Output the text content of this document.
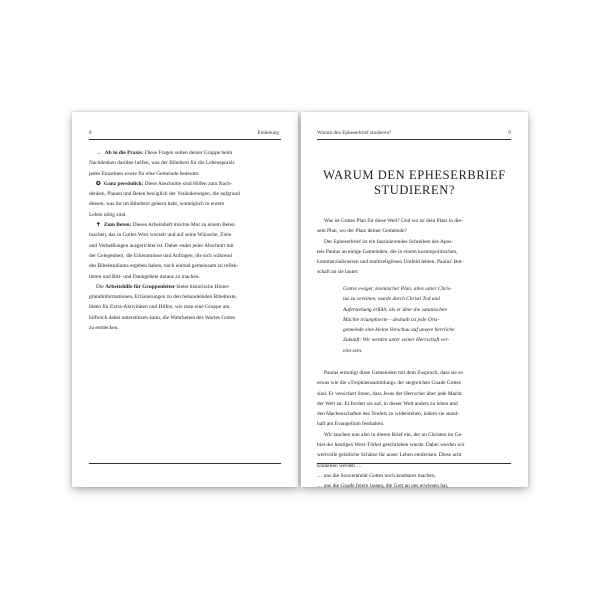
8	Einleitung
→ Ab in die Praxis: Diese Fragen sollen deiner Gruppe beim
Nachdenken darüber helfen, was der Bibeltext für die Lebenspraxis
jedes Einzelnen sowie für eine Gemeinde bedeutet.
✪ Ganz persönlich: Diese Abschnitte sind Hilfen zum Nach-
denken, Planen und Beten bezüglich der Veränderungen, die aufgrund
dessen, was ihr im Bibeltext gelernt habt, womöglich in eurem
Leben nötig sind.
✝ Zum Beten: Dieses Arbeitsheft möchte Mut zu einem Beten
machen, das in Gottes Wort wurzelt und auf seine Wünsche, Ziele
und Verheißungen ausgerichtet ist. Daher endet jeder Abschnitt mit
der Gelegenheit, die Erkenntnisse und Anfragen, die sich während
des Bibelstudiums ergeben haben, noch einmal gemeinsam zu reflek-
tieren und Bitt- und Dankgebete daraus zu machen.
Die Arbeitshilfe für Gruppenleiter bietet historische Hinter-
grundinformationen, Erläuterungen zu den behandelnden Bibeltexte,
Ideen für Extra-Aktivitäten und Hilfen, wie man eine Gruppe um
hilfreich dabei unterstützen kann, die Wahrheiten des Wortes Gottes
zu entdecken.
Warum den Epheserbrief studieren?	9
WARUM DEN EPHESERBRIEF
STUDIEREN?
Was ist Gottes Plan für diese Welt? Und wo ist dein Platz in die-
sem Plan, wo der Platz deiner Gemeinde?
Der Epheserbrief ist ein faszinierendes Schreiben des Apos-
tels Paulus an einige Gemeinden, die in einem kosmopolitischen,
kommerzialisierten und multireligiösen Umfeld lebten. Paulus' Bot-
schaft an sie lautet:
Gottes ewiger, kosmischer Plan, alles unter Chris-
tus zu vereinen, wurde durch Christi Tod und
Auferstehung erfüllt, als er über die satanischen
Mächte triumphierte – deshalb ist jede Orts-
gemeinde eine kleine Vorschau auf unsere herrliche
Zukunft: Wir werden unter seiner Herrschaft ver-
eint sein.
Paulus ermutigt diese Gemeinden mit dem Zuspruch, dass sie so
etwas wie die »Trophäensammlung« der siegreichen Gnade Gottes
sind. Er versichert ihnen, dass Jesus der Herrscher über jede Macht
der Welt ist. Er fordert sie auf, in dieser Welt anders zu leben und
den Machenschaften des Teufels zu widerstehen, indem sie stand-
haft am Evangelium festhalten.
Wir tauchen nun also in diesen Brief ein, der an Christen im Ge-
biet der heutigen West-Türkei geschrieben wurde. Dabei werden wir
wertvolle geistliche Schätze für unser Leben entdecken. Diese acht
Einheiten werden …
… uns die Souveränität Gottes noch kostbarer machen,
… uns die Gnade feiern lassen, die Gott an uns erwiesen hat,
